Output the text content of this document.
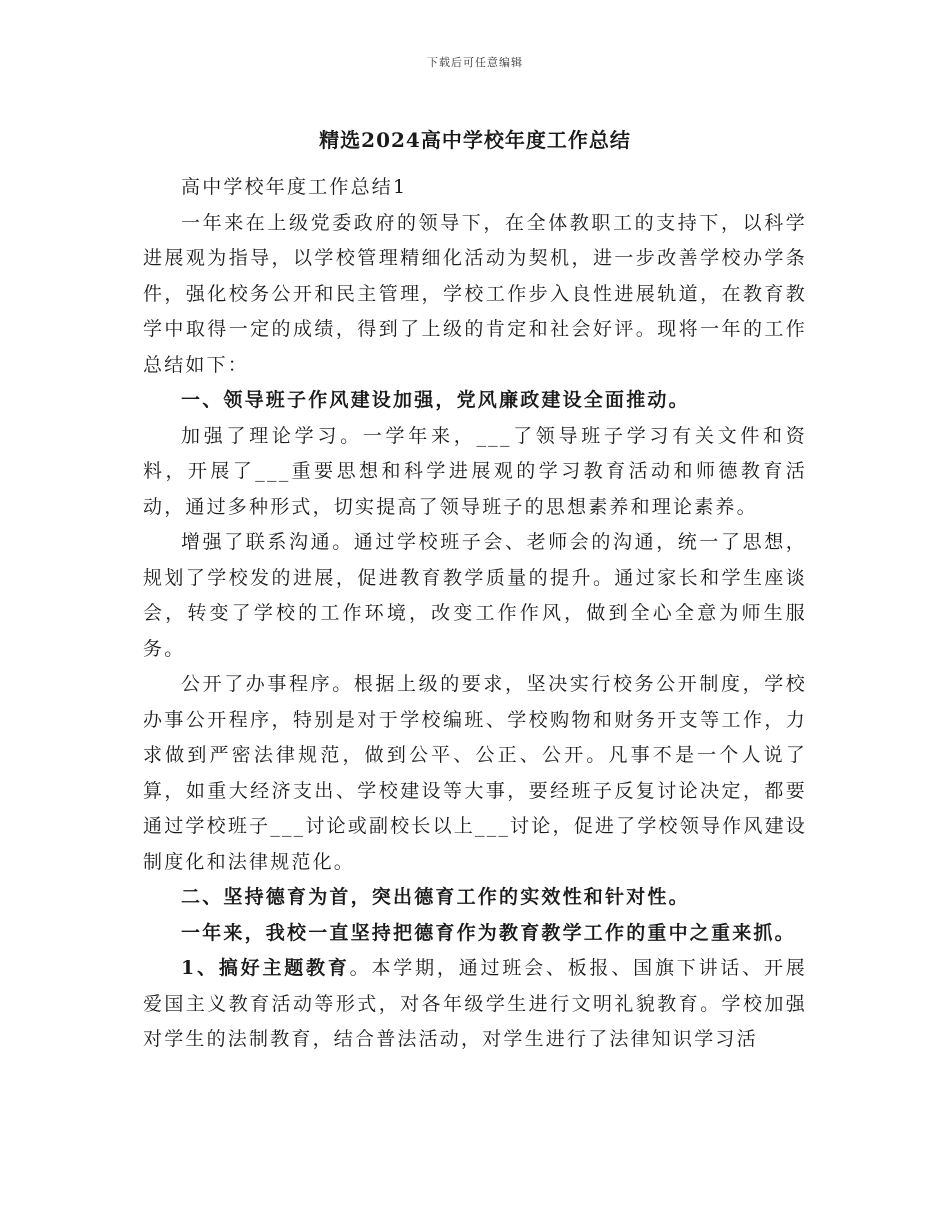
下载后可任意编辑
精选2024高中学校年度工作总结

高中学校年度工作总结1

一年来在上级党委政府的领导下，在全体教职工的支持下，以科学进展观为指导，以学校管理精细化活动为契机，进一步改善学校办学条件，强化校务公开和民主管理，学校工作步入良性进展轨道，在教育教学中取得一定的成绩，得到了上级的肯定和社会好评。现将一年的工作总结如下：

一、领导班子作风建设加强，党风廉政建设全面推动。

加强了理论学习。一学年来，___了领导班子学习有关文件和资料，开展了___重要思想和科学进展观的学习教育活动和师德教育活动，通过多种形式，切实提高了领导班子的思想素养和理论素养。

增强了联系沟通。通过学校班子会、老师会的沟通，统一了思想，规划了学校发的进展，促进教育教学质量的提升。通过家长和学生座谈会，转变了学校的工作环境，改变工作作风，做到全心全意为师生服务。

公开了办事程序。根据上级的要求，坚决实行校务公开制度，学校办事公开程序，特别是对于学校编班、学校购物和财务开支等工作，力求做到严密法律规范，做到公平、公正、公开。凡事不是一个人说了算，如重大经济支出、学校建设等大事，要经班子反复讨论决定，都要通过学校班子___讨论或副校长以上___讨论，促进了学校领导作风建设制度化和法律规范化。

二、坚持德育为首，突出德育工作的实效性和针对性。

一年来，我校一直坚持把德育作为教育教学工作的重中之重来抓。

1、搞好主题教育。本学期，通过班会、板报、国旗下讲话、开展爱国主义教育活动等形式，对各年级学生进行文明礼貌教育。学校加强对学生的法制教育，结合普法活动，对学生进行了法律知识学习活
